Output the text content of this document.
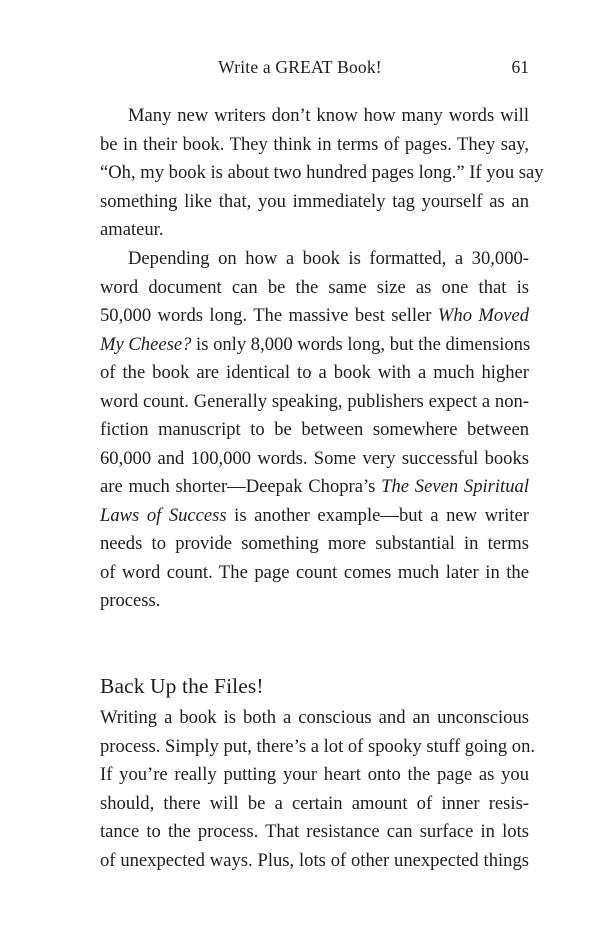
Write a GREAT Book!	61

Many new writers don’t know how many words will
be in their book. They think in terms of pages. They say,
“Oh, my book is about two hundred pages long.” If you say
something like that, you immediately tag yourself as an
amateur.

Depending on how a book is formatted, a 30,000-
word document can be the same size as one that is
50,000 words long. The massive best seller Who Moved
My Cheese? is only 8,000 words long, but the dimensions
of the book are identical to a book with a much higher
word count. Generally speaking, publishers expect a non-
fiction manuscript to be between somewhere between
60,000 and 100,000 words. Some very successful books
are much shorter—Deepak Chopra’s The Seven Spiritual
Laws of Success is another example—but a new writer
needs to provide something more substantial in terms
of word count. The page count comes much later in the
process.

Back Up the Files!

Writing a book is both a conscious and an unconscious
process. Simply put, there’s a lot of spooky stuff going on.
If you’re really putting your heart onto the page as you
should, there will be a certain amount of inner resis-
tance to the process. That resistance can surface in lots
of unexpected ways. Plus, lots of other unexpected things
